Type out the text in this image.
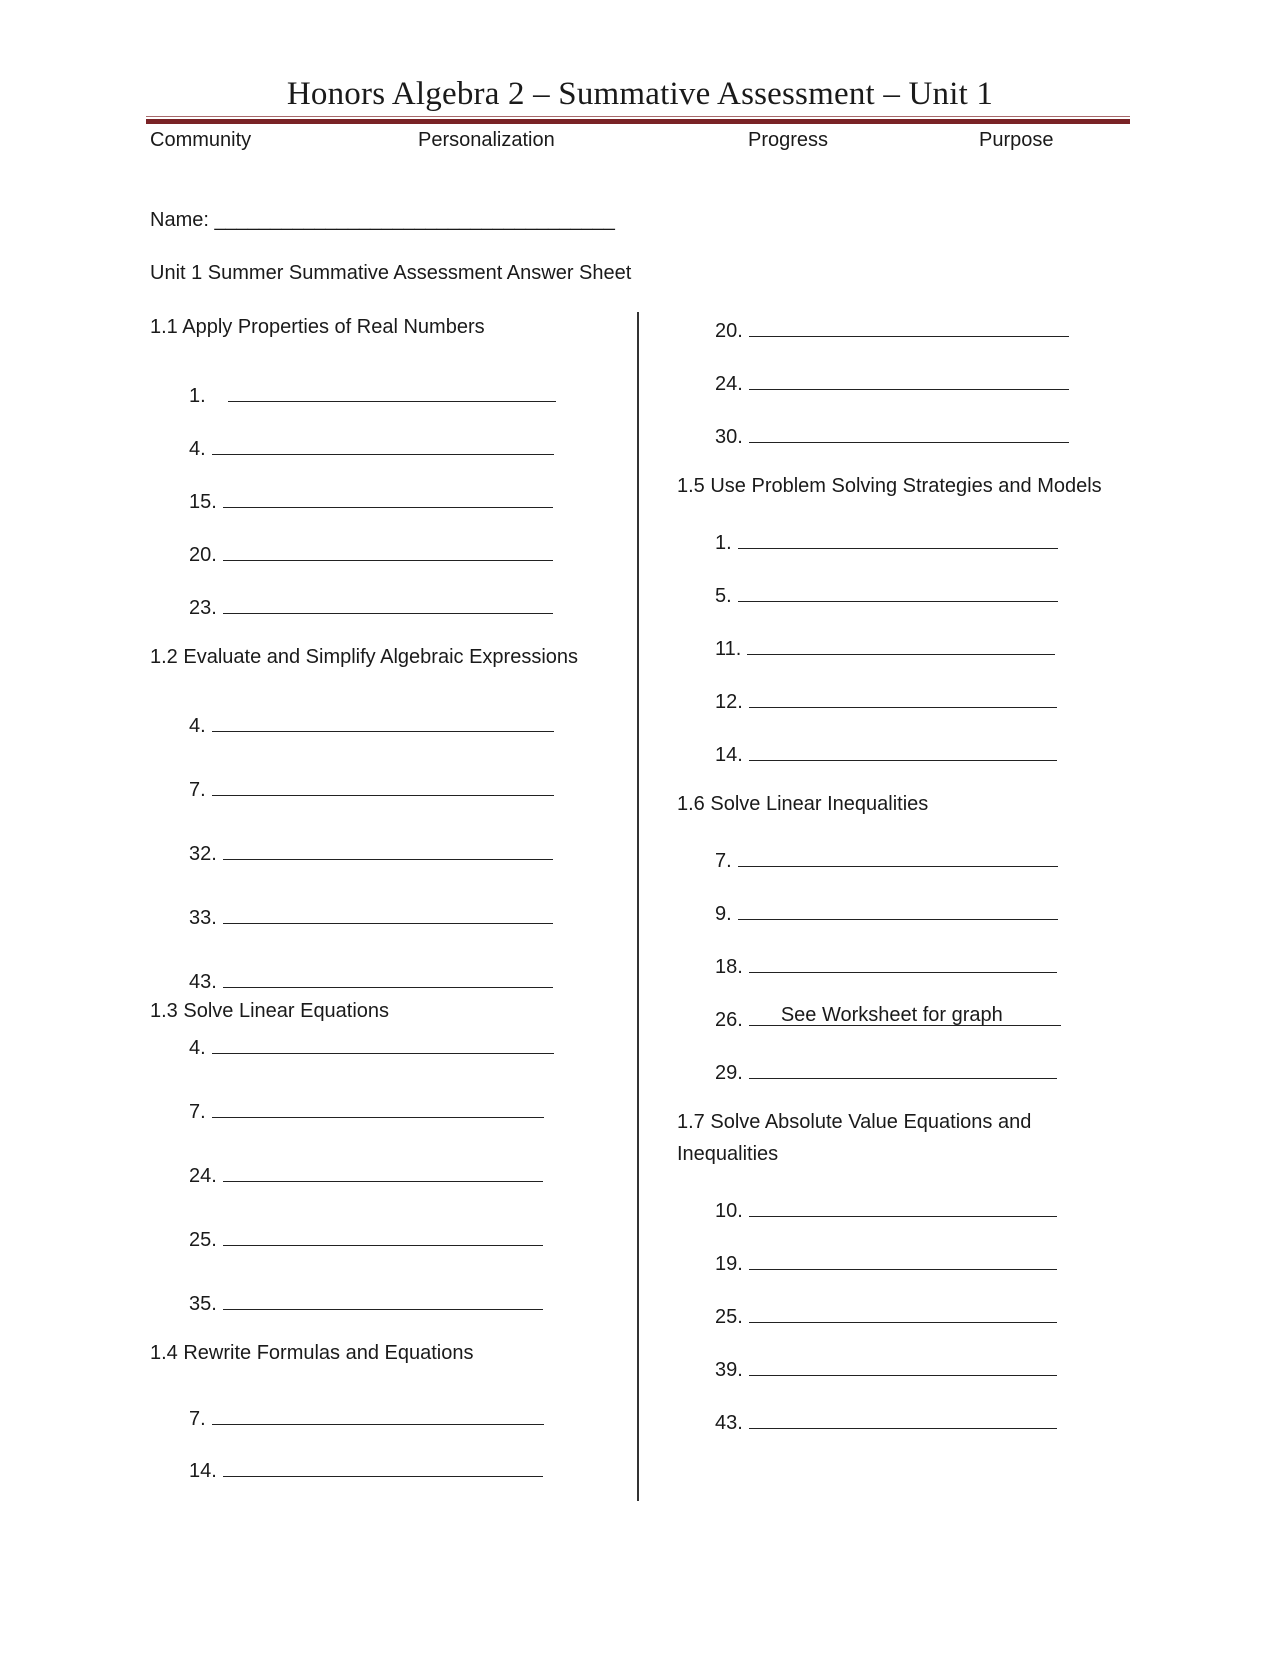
Honors Algebra 2 – Summative Assessment – Unit 1
Community	Personalization	Progress	Purpose
Name: ____________________________________
Unit 1 Summer Summative Assessment Answer Sheet
1.1 Apply Properties of Real Numbers
1.
4.
15.
20.
23.
1.2 Evaluate and Simplify Algebraic Expressions
4.
7.
32.
33.
43.
1.3 Solve Linear Equations
4.
7.
24.
25.
35.
1.4 Rewrite Formulas and Equations
7.
14.
20.
24.
30.
1.5 Use Problem Solving Strategies and Models
1.
5.
11.
12.
14.
1.6 Solve Linear Inequalities
7.
9.
18.
26. See Worksheet for graph
29.
1.7 Solve Absolute Value Equations and
Inequalities
10.
19.
25.
39.
43.
